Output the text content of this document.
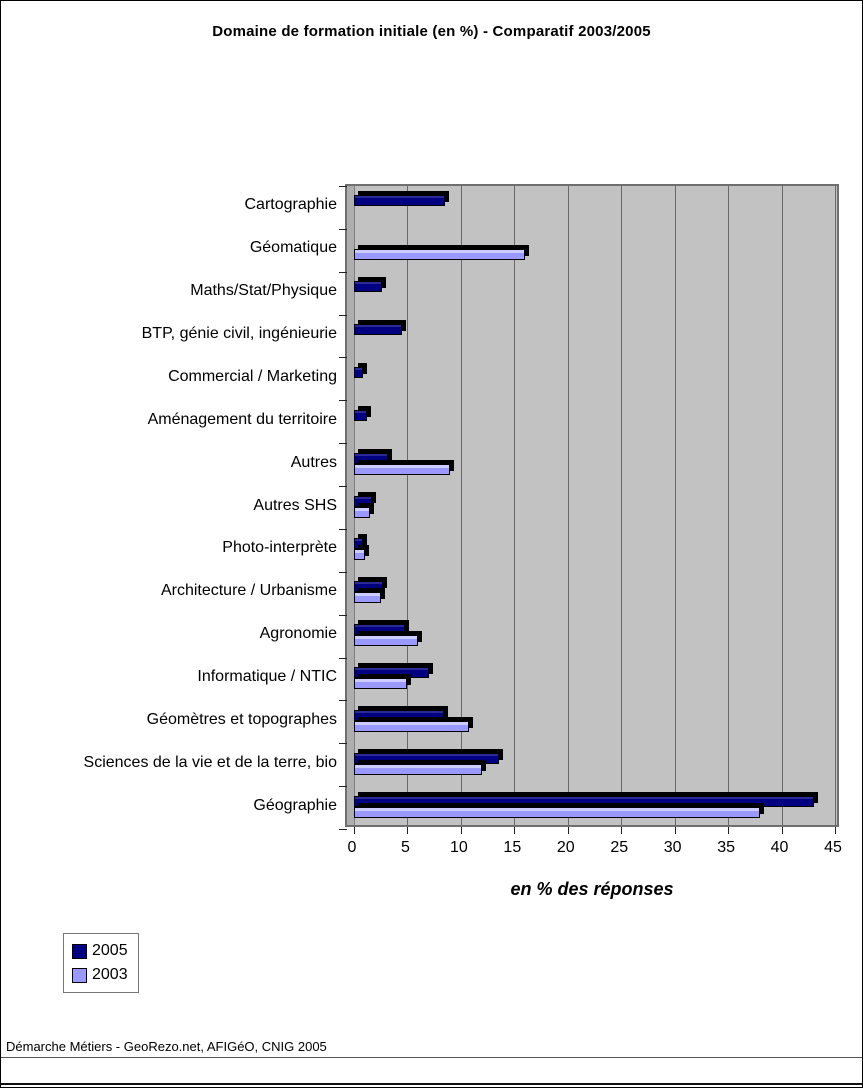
Domaine de formation initiale (en %) - Comparatif 2003/2005
Cartographie
Géomatique
Maths/Stat/Physique
BTP, génie civil, ingénieurie
Commercial / Marketing
Aménagement du territoire
Autres
Autres SHS
Photo-interprète
Architecture / Urbanisme
Agronomie
Informatique / NTIC
Géomètres et topographes
Sciences de la vie et de la terre, bio
Géographie
0	5	10	15	20	25	30	35	40	45
en % des réponses
2005
2003
Démarche Métiers - GeoRezo.net, AFIGéO, CNIG 2005
